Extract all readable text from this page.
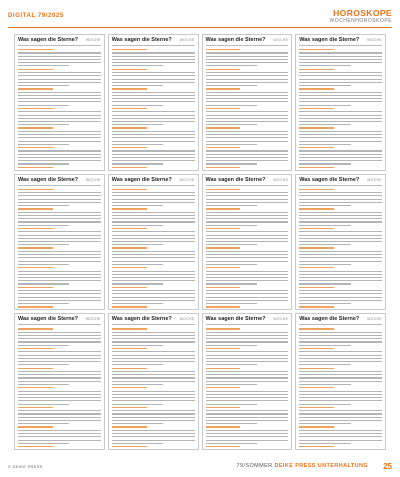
DIGITAL 79/2025	HOROSKOPE
WOCHENHOROSKOPE
Was sagen die Sterne? WOCHE Was sagen die Sterne? WOCHE Was sagen die Sterne? WOCHE Was sagen die Sterne? WOCHE
Was sagen die Sterne? WOCHE Was sagen die Sterne? WOCHE Was sagen die Sterne? WOCHE Was sagen die Sterne? WOCHE
Was sagen die Sterne? WOCHE Was sagen die Sterne? WOCHE Was sagen die Sterne? WOCHE Was sagen die Sterne? WOCHE
© DEIKE PRESS	79/SOMMER DEIKE PRESS UNTERHALTUNG 25
